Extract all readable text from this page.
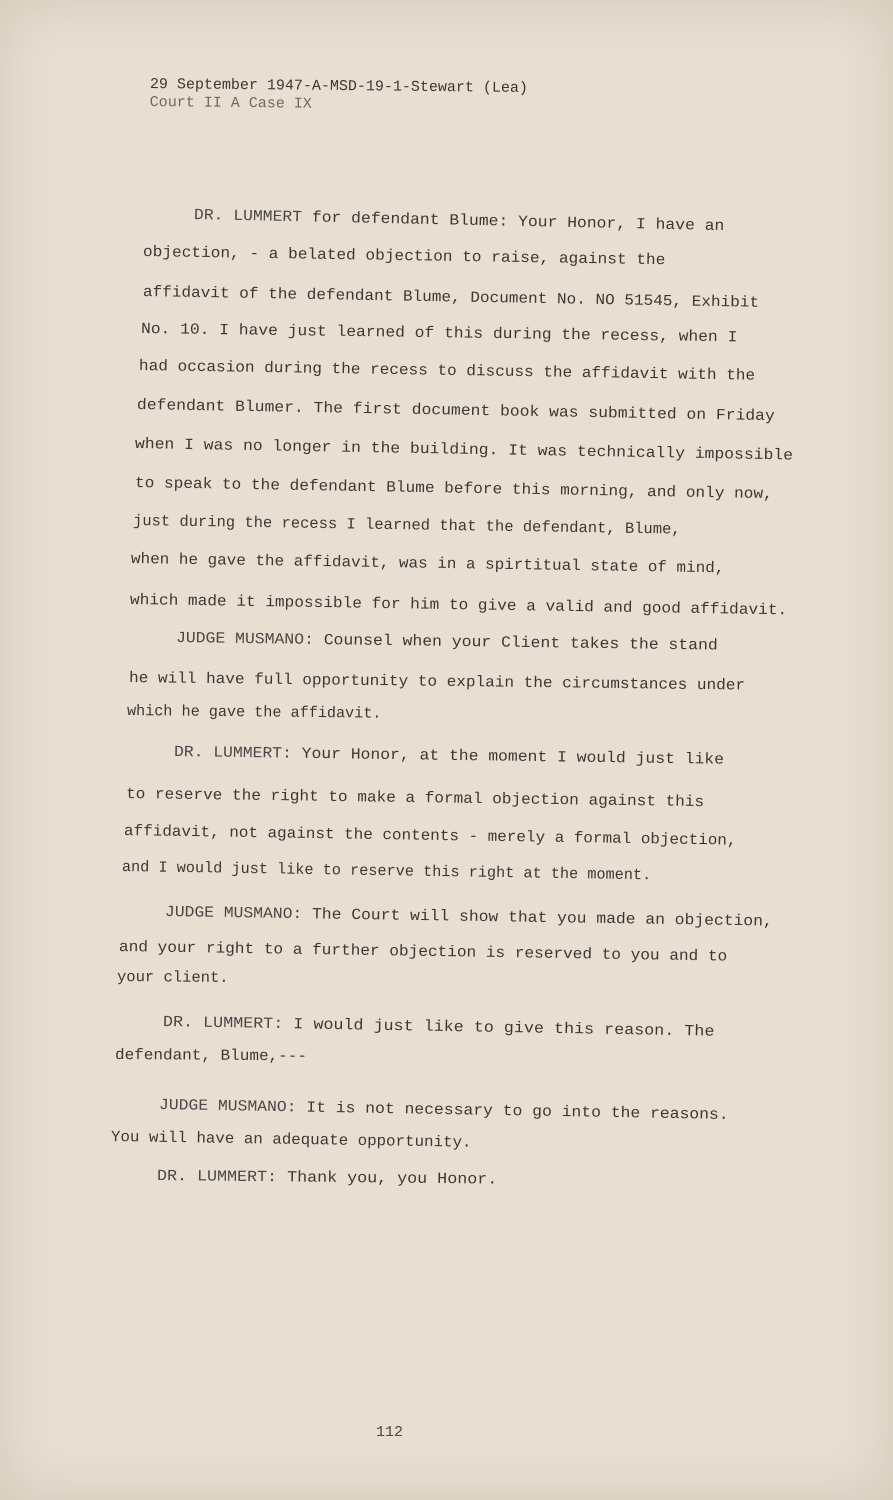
29 September 1947-A-MSD-19-1-Stewart (Lea)
Court II A Case IX
DR. LUMMERT for defendant Blume: Your Honor, I have an
objection, - a belated objection to raise, against the
affidavit of the defendant Blume, Document No. NO 51545, Exhibit
No. 10. I have just learned of this during the recess, when I
had occasion during the recess to discuss the affidavit with the
defendant Blumer. The first document book was submitted on Friday
when I was no longer in the building. It was technically impossible
to speak to the defendant Blume before this morning, and only now,
just during the recess I learned that the defendant, Blume,
when he gave the affidavit, was in a spirtitual state of mind,
which made it impossible for him to give a valid and good affidavit.
JUDGE MUSMANO: Counsel when your Client takes the stand
he will have full opportunity to explain the circumstances under
which he gave the affidavit.
DR. LUMMERT: Your Honor, at the moment I would just like
to reserve the right to make a formal objection against this
affidavit, not against the contents - merely a formal objection,
and I would just like to reserve this right at the moment.
JUDGE MUSMANO: The Court will show that you made an objection,
and your right to a further objection is reserved to you and to
your client.
DR. LUMMERT: I would just like to give this reason. The
defendant, Blume,---
JUDGE MUSMANO: It is not necessary to go into the reasons.
You will have an adequate opportunity.
DR. LUMMERT: Thank you, you Honor.
112
